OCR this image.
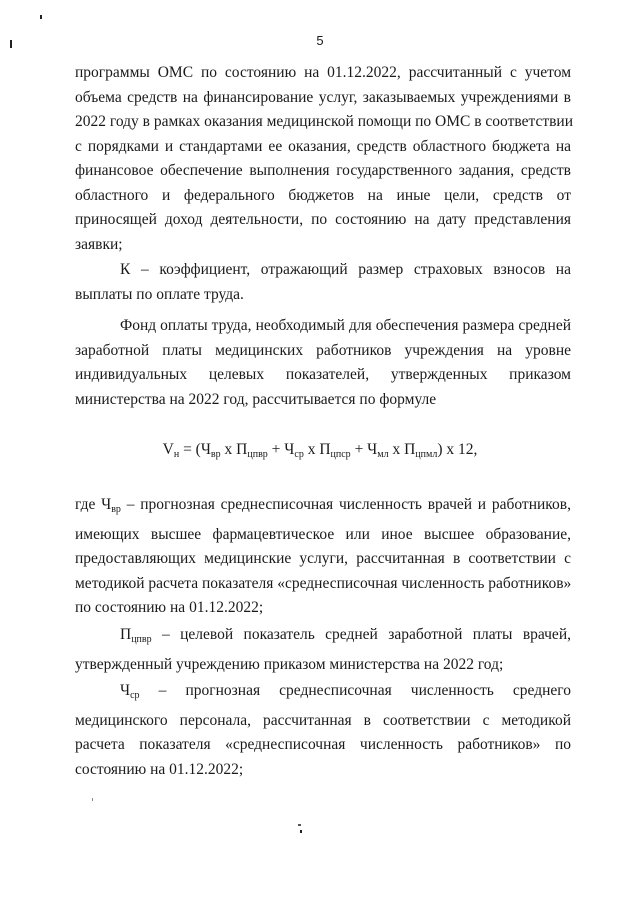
5
программы ОМС по состоянию на 01.12.2022, рассчитанный с учетом
объема средств на финансирование услуг, заказываемых учреждениями в
2022 году в рамках оказания медицинской помощи по ОМС в соответствии
с порядками и стандартами ее оказания, средств областного бюджета на
финансовое обеспечение выполнения государственного задания, средств
областного и федерального бюджетов на иные цели, средств от
приносящей доход деятельности, по состоянию на дату представления
заявки;
К – коэффициент, отражающий размер страховых взносов на
выплаты по оплате труда.
Фонд оплаты труда, необходимый для обеспечения размера средней
заработной платы медицинских работников учреждения на уровне
индивидуальных целевых показателей, утвержденных приказом
министерства на 2022 год, рассчитывается по формуле
$V_н = (Ч_{вр}$ х $П_{цпвр} + Ч_{ср}$ х $П_{цпср} + Ч_{мл}$ х $П_{цпмл}$) х 12,
где $Ч_{вр}$ – прогнозная среднесписочная численность врачей и работников,
имеющих высшее фармацевтическое или иное высшее образование,
предоставляющих медицинские услуги, рассчитанная в соответствии с
методикой расчета показателя «среднесписочная численность работников»
по состоянию на 01.12.2022;
$П_{цпвр}$ – целевой показатель средней заработной платы врачей,
утвержденный учреждению приказом министерства на 2022 год;
$Ч_{ср}$ – прогнозная среднесписочная численность среднего
медицинского персонала, рассчитанная в соответствии с методикой
расчета показателя «среднесписочная численность работников» по
состоянию на 01.12.2022;
